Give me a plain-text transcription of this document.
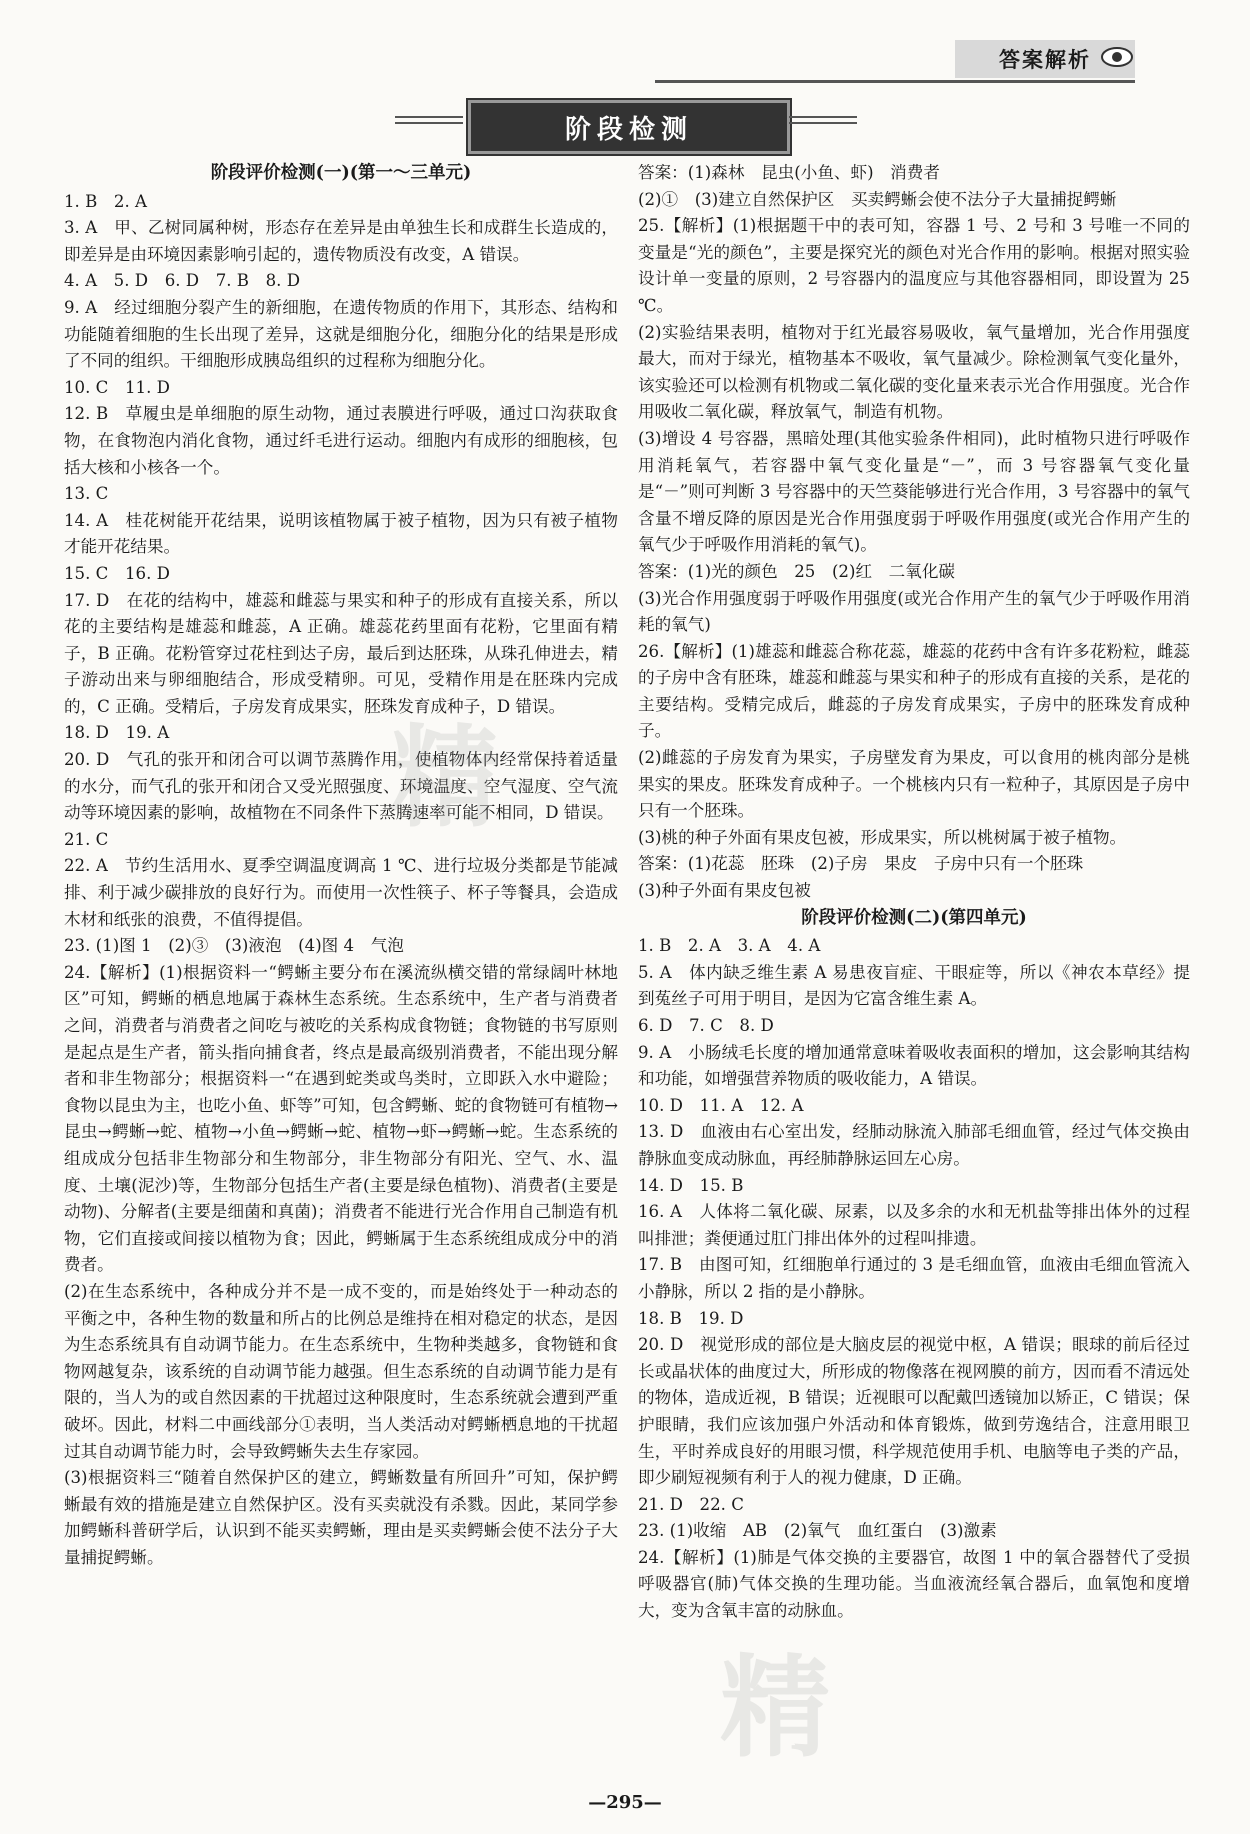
答案解析
阶段检测

阶段评价检测(一)(第一～三单元)

1. B　2. A

3. A　甲、乙树同属种树，形态存在差异是由单独生长和成群生长造成的，即差异是由环境因素影响引起的，遗传物质没有改变，A 错误。

4. A　5. D　6. D　7. B　8. D

9. A　经过细胞分裂产生的新细胞，在遗传物质的作用下，其形态、结构和功能随着细胞的生长出现了差异，这就是细胞分化，细胞分化的结果是形成了不同的组织。干细胞形成胰岛组织的过程称为细胞分化。

10. C　11. D

12. B　草履虫是单细胞的原生动物，通过表膜进行呼吸，通过口沟获取食物，在食物泡内消化食物，通过纤毛进行运动。细胞内有成形的细胞核，包括大核和小核各一个。

13. C

14. A　桂花树能开花结果，说明该植物属于被子植物，因为只有被子植物才能开花结果。

15. C　16. D

17. D　在花的结构中，雄蕊和雌蕊与果实和种子的形成有直接关系，所以花的主要结构是雄蕊和雌蕊，A 正确。雄蕊花药里面有花粉，它里面有精子，B 正确。花粉管穿过花柱到达子房，最后到达胚珠，从珠孔伸进去，精子游动出来与卵细胞结合，形成受精卵。可见，受精作用是在胚珠内完成的，C 正确。受精后，子房发育成果实，胚珠发育成种子，D 错误。

18. D　19. A

20. D　气孔的张开和闭合可以调节蒸腾作用，使植物体内经常保持着适量的水分，而气孔的张开和闭合又受光照强度、环境温度、空气湿度、空气流动等环境因素的影响，故植物在不同条件下蒸腾速率可能不相同，D 错误。

21. C

22. A　节约生活用水、夏季空调温度调高 1 ℃、进行垃圾分类都是节能减排、利于减少碳排放的良好行为。而使用一次性筷子、杯子等餐具，会造成木材和纸张的浪费，不值得提倡。

23. (1)图 1　(2)③　(3)液泡　(4)图 4　气泡

24.【解析】(1)根据资料一“鳄蜥主要分布在溪流纵横交错的常绿阔叶林地区”可知，鳄蜥的栖息地属于森林生态系统。生态系统中，生产者与消费者之间，消费者与消费者之间吃与被吃的关系构成食物链；食物链的书写原则是起点是生产者，箭头指向捕食者，终点是最高级别消费者，不能出现分解者和非生物部分；根据资料一“在遇到蛇类或鸟类时，立即跃入水中避险；食物以昆虫为主，也吃小鱼、虾等”可知，包含鳄蜥、蛇的食物链可有植物→昆虫→鳄蜥→蛇、植物→小鱼→鳄蜥→蛇、植物→虾→鳄蜥→蛇。生态系统的组成成分包括非生物部分和生物部分，非生物部分有阳光、空气、水、温度、土壤(泥沙)等，生物部分包括生产者(主要是绿色植物)、消费者(主要是动物)、分解者(主要是细菌和真菌)；消费者不能进行光合作用自己制造有机物，它们直接或间接以植物为食；因此，鳄蜥属于生态系统组成成分中的消费者。

(2)在生态系统中，各种成分并不是一成不变的，而是始终处于一种动态的平衡之中，各种生物的数量和所占的比例总是维持在相对稳定的状态，是因为生态系统具有自动调节能力。在生态系统中，生物种类越多，食物链和食物网越复杂，该系统的自动调节能力越强。但生态系统的自动调节能力是有限的，当人为的或自然因素的干扰超过这种限度时，生态系统就会遭到严重破坏。因此，材料二中画线部分①表明，当人类活动对鳄蜥栖息地的干扰超过其自动调节能力时，会导致鳄蜥失去生存家园。

(3)根据资料三“随着自然保护区的建立，鳄蜥数量有所回升”可知，保护鳄蜥最有效的措施是建立自然保护区。没有买卖就没有杀戮。因此，某同学参加鳄蜥科普研学后，认识到不能买卖鳄蜥，理由是买卖鳄蜥会使不法分子大量捕捉鳄蜥。

答案：(1)森林　昆虫(小鱼、虾)　消费者

(2)①　(3)建立自然保护区　买卖鳄蜥会使不法分子大量捕捉鳄蜥

25.【解析】(1)根据题干中的表可知，容器 1 号、2 号和 3 号唯一不同的变量是“光的颜色”，主要是探究光的颜色对光合作用的影响。根据对照实验设计单一变量的原则，2 号容器内的温度应与其他容器相同，即设置为 25 ℃。

(2)实验结果表明，植物对于红光最容易吸收，氧气量增加，光合作用强度最大，而对于绿光，植物基本不吸收，氧气量减少。除检测氧气变化量外，该实验还可以检测有机物或二氧化碳的变化量来表示光合作用强度。光合作用吸收二氧化碳，释放氧气，制造有机物。

(3)增设 4 号容器，黑暗处理(其他实验条件相同)，此时植物只进行呼吸作用消耗氧气，若容器中氧气变化量是“－”，而 3 号容器氧气变化量是“－”则可判断 3 号容器中的天竺葵能够进行光合作用，3 号容器中的氧气含量不增反降的原因是光合作用强度弱于呼吸作用强度(或光合作用产生的氧气少于呼吸作用消耗的氧气)。

答案：(1)光的颜色　25　(2)红　二氧化碳

(3)光合作用强度弱于呼吸作用强度(或光合作用产生的氧气少于呼吸作用消耗的氧气)

26.【解析】(1)雄蕊和雌蕊合称花蕊，雄蕊的花药中含有许多花粉粒，雌蕊的子房中含有胚珠，雄蕊和雌蕊与果实和种子的形成有直接的关系，是花的主要结构。受精完成后，雌蕊的子房发育成果实，子房中的胚珠发育成种子。

(2)雌蕊的子房发育为果实，子房壁发育为果皮，可以食用的桃肉部分是桃果实的果皮。胚珠发育成种子。一个桃核内只有一粒种子，其原因是子房中只有一个胚珠。

(3)桃的种子外面有果皮包被，形成果实，所以桃树属于被子植物。

答案：(1)花蕊　胚珠　(2)子房　果皮　子房中只有一个胚珠

(3)种子外面有果皮包被

阶段评价检测(二)(第四单元)

1. B　2. A　3. A　4. A

5. A　体内缺乏维生素 A 易患夜盲症、干眼症等，所以《神农本草经》提到菟丝子可用于明目，是因为它富含维生素 A。

6. D　7. C　8. D

9. A　小肠绒毛长度的增加通常意味着吸收表面积的增加，这会影响其结构和功能，如增强营养物质的吸收能力，A 错误。

10. D　11. A　12. A

13. D　血液由右心室出发，经肺动脉流入肺部毛细血管，经过气体交换由静脉血变成动脉血，再经肺静脉运回左心房。

14. D　15. B

16. A　人体将二氧化碳、尿素，以及多余的水和无机盐等排出体外的过程叫排泄；粪便通过肛门排出体外的过程叫排遗。

17. B　由图可知，红细胞单行通过的 3 是毛细血管，血液由毛细血管流入小静脉，所以 2 指的是小静脉。

18. B　19. D

20. D　视觉形成的部位是大脑皮层的视觉中枢，A 错误；眼球的前后径过长或晶状体的曲度过大，所形成的物像落在视网膜的前方，因而看不清远处的物体，造成近视，B 错误；近视眼可以配戴凹透镜加以矫正，C 错误；保护眼睛，我们应该加强户外活动和体育锻炼，做到劳逸结合，注意用眼卫生，平时养成良好的用眼习惯，科学规范使用手机、电脑等电子类的产品，即少刷短视频有利于人的视力健康，D 正确。

21. D　22. C

23. (1)收缩　AB　(2)氧气　血红蛋白　(3)激素

24.【解析】(1)肺是气体交换的主要器官，故图 1 中的氧合器替代了受损呼吸器官(肺)气体交换的生理功能。当血液流经氧合器后，血氧饱和度增大，变为含氧丰富的动脉血。

精
精
—295—
